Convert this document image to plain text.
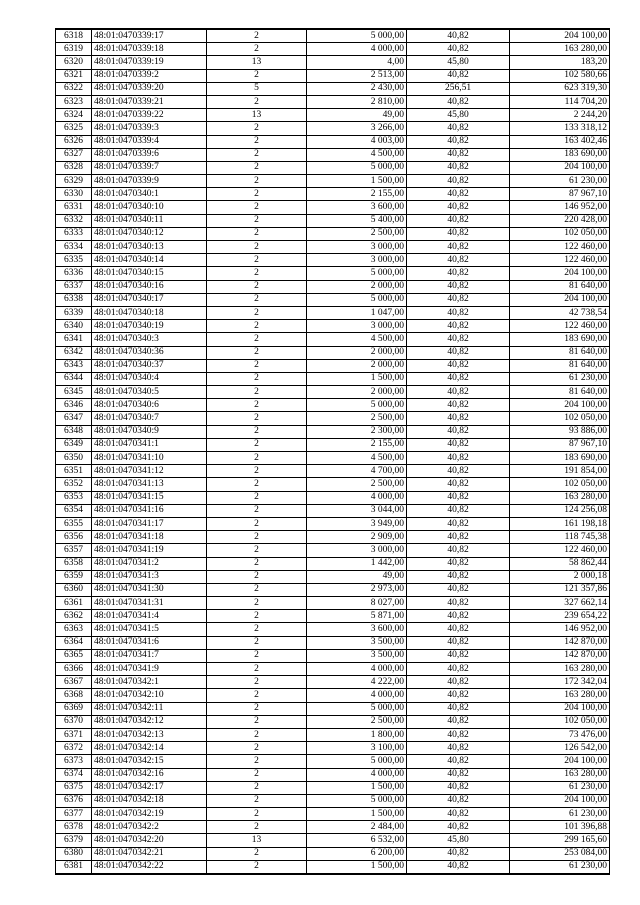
6318	48:01:0470339:17	2	5 000,00	40,82	204 100,00
6319	48:01:0470339:18	2	4 000,00	40,82	163 280,00
6320	48:01:0470339:19	13	4,00	45,80	183,20
6321	48:01:0470339:2	2	2 513,00	40,82	102 580,66
6322	48:01:0470339:20	5	2 430,00	256,51	623 319,30
6323	48:01:0470339:21	2	2 810,00	40,82	114 704,20
6324	48:01:0470339:22	13	49,00	45,80	2 244,20
6325	48:01:0470339:3	2	3 266,00	40,82	133 318,12
6326	48:01:0470339:4	2	4 003,00	40,82	163 402,46
6327	48:01:0470339:6	2	4 500,00	40,82	183 690,00
6328	48:01:0470339:7	2	5 000,00	40,82	204 100,00
6329	48:01:0470339:9	2	1 500,00	40,82	61 230,00
6330	48:01:0470340:1	2	2 155,00	40,82	87 967,10
6331	48:01:0470340:10	2	3 600,00	40,82	146 952,00
6332	48:01:0470340:11	2	5 400,00	40,82	220 428,00
6333	48:01:0470340:12	2	2 500,00	40,82	102 050,00
6334	48:01:0470340:13	2	3 000,00	40,82	122 460,00
6335	48:01:0470340:14	2	3 000,00	40,82	122 460,00
6336	48:01:0470340:15	2	5 000,00	40,82	204 100,00
6337	48:01:0470340:16	2	2 000,00	40,82	81 640,00
6338	48:01:0470340:17	2	5 000,00	40,82	204 100,00
6339	48:01:0470340:18	2	1 047,00	40,82	42 738,54
6340	48:01:0470340:19	2	3 000,00	40,82	122 460,00
6341	48:01:0470340:3	2	4 500,00	40,82	183 690,00
6342	48:01:0470340:36	2	2 000,00	40,82	81 640,00
6343	48:01:0470340:37	2	2 000,00	40,82	81 640,00
6344	48:01:0470340:4	2	1 500,00	40,82	61 230,00
6345	48:01:0470340:5	2	2 000,00	40,82	81 640,00
6346	48:01:0470340:6	2	5 000,00	40,82	204 100,00
6347	48:01:0470340:7	2	2 500,00	40,82	102 050,00
6348	48:01:0470340:9	2	2 300,00	40,82	93 886,00
6349	48:01:0470341:1	2	2 155,00	40,82	87 967,10
6350	48:01:0470341:10	2	4 500,00	40,82	183 690,00
6351	48:01:0470341:12	2	4 700,00	40,82	191 854,00
6352	48:01:0470341:13	2	2 500,00	40,82	102 050,00
6353	48:01:0470341:15	2	4 000,00	40,82	163 280,00
6354	48:01:0470341:16	2	3 044,00	40,82	124 256,08
6355	48:01:0470341:17	2	3 949,00	40,82	161 198,18
6356	48:01:0470341:18	2	2 909,00	40,82	118 745,38
6357	48:01:0470341:19	2	3 000,00	40,82	122 460,00
6358	48:01:0470341:2	2	1 442,00	40,82	58 862,44
6359	48:01:0470341:3	2	49,00	40,82	2 000,18
6360	48:01:0470341:30	2	2 973,00	40,82	121 357,86
6361	48:01:0470341:31	2	8 027,00	40,82	327 662,14
6362	48:01:0470341:4	2	5 871,00	40,82	239 654,22
6363	48:01:0470341:5	2	3 600,00	40,82	146 952,00
6364	48:01:0470341:6	2	3 500,00	40,82	142 870,00
6365	48:01:0470341:7	2	3 500,00	40,82	142 870,00
6366	48:01:0470341:9	2	4 000,00	40,82	163 280,00
6367	48:01:0470342:1	2	4 222,00	40,82	172 342,04
6368	48:01:0470342:10	2	4 000,00	40,82	163 280,00
6369	48:01:0470342:11	2	5 000,00	40,82	204 100,00
6370	48:01:0470342:12	2	2 500,00	40,82	102 050,00
6371	48:01:0470342:13	2	1 800,00	40,82	73 476,00
6372	48:01:0470342:14	2	3 100,00	40,82	126 542,00
6373	48:01:0470342:15	2	5 000,00	40,82	204 100,00
6374	48:01:0470342:16	2	4 000,00	40,82	163 280,00
6375	48:01:0470342:17	2	1 500,00	40,82	61 230,00
6376	48:01:0470342:18	2	5 000,00	40,82	204 100,00
6377	48:01:0470342:19	2	1 500,00	40,82	61 230,00
6378	48:01:0470342:2	2	2 484,00	40,82	101 396,88
6379	48:01:0470342:20	13	6 532,00	45,80	299 165,60
6380	48:01:0470342:21	2	6 200,00	40,82	253 084,00
6381	48:01:0470342:22	2	1 500,00	40,82	61 230,00
